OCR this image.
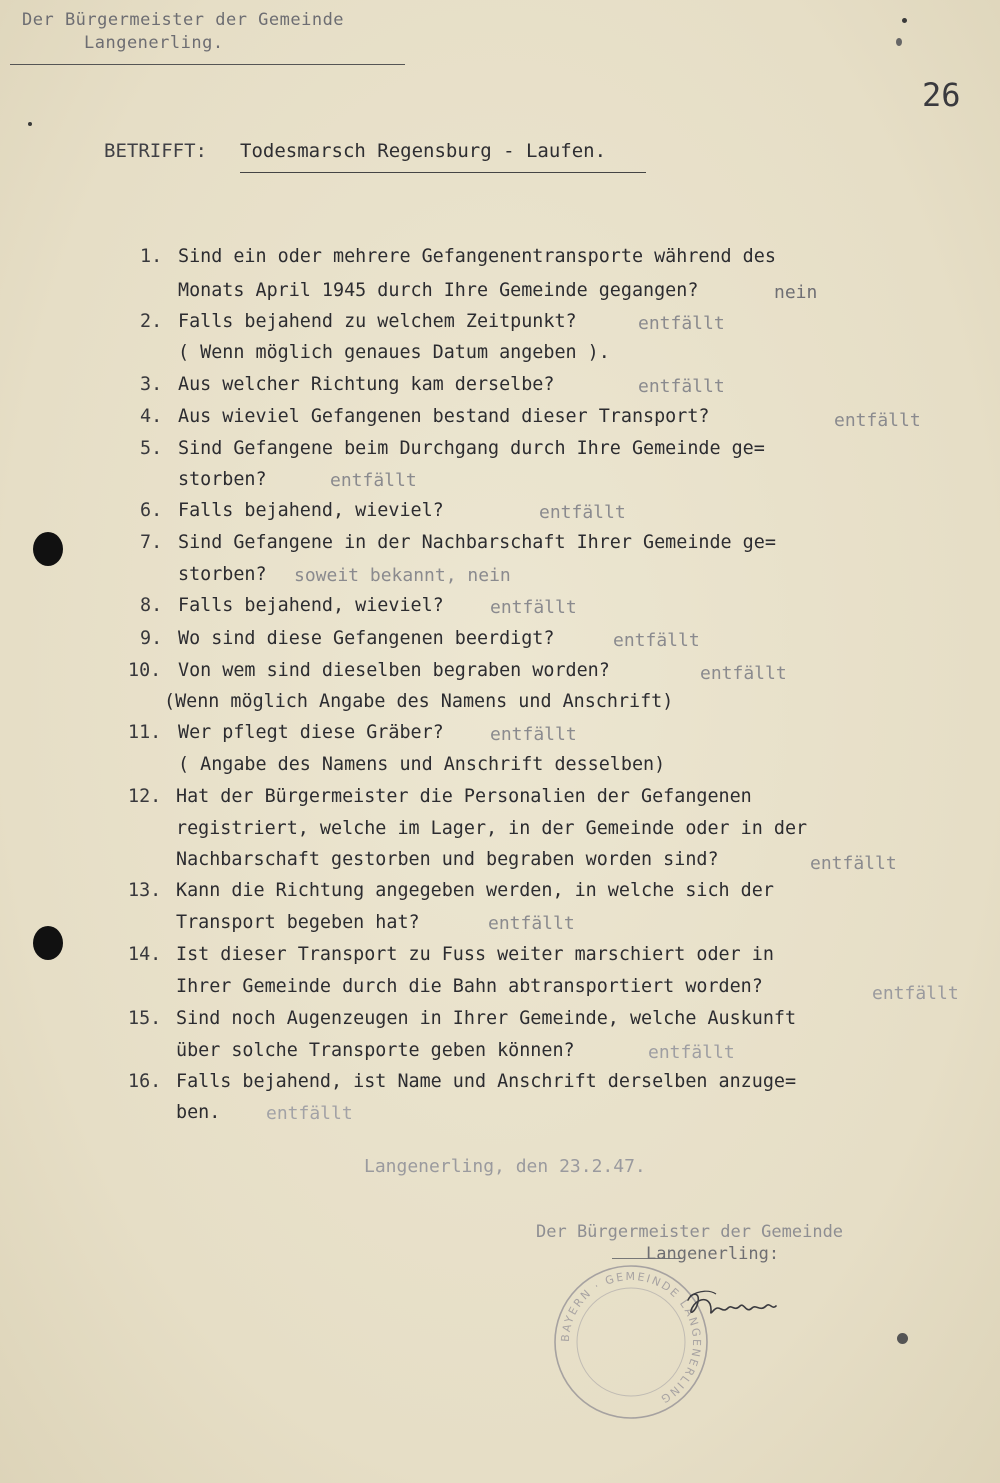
Der Bürgermeister der Gemeinde
Langenerling.
26
BETRIFFT: Todesmarsch Regensburg - Laufen.
1. Sind ein oder mehrere Gefangenentransporte während des
Monats April 1945 durch Ihre Gemeinde gegangen?	nein
2. Falls bejahend zu welchem Zeitpunkt?	entfällt
( Wenn möglich genaues Datum angeben ).
3. Aus welcher Richtung kam derselbe?	entfällt
4. Aus wieviel Gefangenen bestand dieser Transport?	entfällt
5. Sind Gefangene beim Durchgang durch Ihre Gemeinde ge=
storben?	entfällt
6. Falls bejahend, wieviel?	entfällt
7. Sind Gefangene in der Nachbarschaft Ihrer Gemeinde ge=
storben? soweit bekannt, nein
8. Falls bejahend, wieviel?	entfällt
9. Wo sind diese Gefangenen beerdigt?	entfällt
10. Von wem sind dieselben begraben worden?	entfällt
(Wenn möglich Angabe des Namens und Anschrift)
11. Wer pflegt diese Gräber?	entfällt
( Angabe des Namens und Anschrift desselben)
12. Hat der Bürgermeister die Personalien der Gefangenen
registriert, welche im Lager, in der Gemeinde oder in der
Nachbarschaft gestorben und begraben worden sind?	entfällt
13. Kann die Richtung angegeben werden, in welche sich der
Transport begeben hat?	entfällt
14. Ist dieser Transport zu Fuss weiter marschiert oder in
Ihrer Gemeinde durch die Bahn abtransportiert worden?	entfällt
15. Sind noch Augenzeugen in Ihrer Gemeinde, welche Auskunft
über solche Transporte geben können?	entfällt
16. Falls bejahend, ist Name und Anschrift derselben anzuge=
ben.	entfällt
Langenerling, den 23.2.47.
Der Bürgermeister der Gemeinde
Langenerling:
BAYERN · GEMEINDE LANGENERLING
